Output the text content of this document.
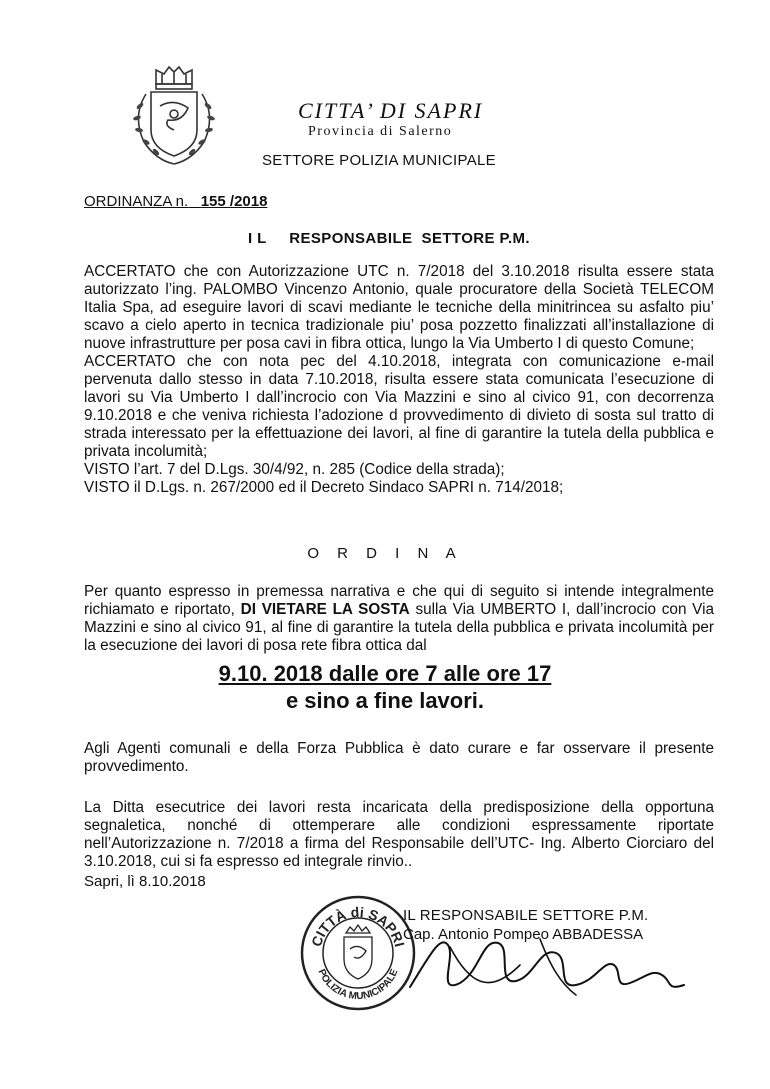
CITTA’ DI SAPRI
Provincia di Salerno
SETTORE POLIZIA MUNICIPALE
ORDINANZA n. 155 /2018
I L     RESPONSABILE  SETTORE P.M.

ACCERTATO che con Autorizzazione UTC n. 7/2018 del 3.10.2018 risulta essere stata autorizzato l’ing. PALOMBO Vincenzo Antonio, quale procuratore della Società TELECOM Italia Spa, ad eseguire lavori di scavi mediante le tecniche della minitrincea su asfalto piu’ scavo a cielo aperto in tecnica tradizionale piu’ posa pozzetto finalizzati all’installazione di nuove infrastrutture per posa cavi in fibra ottica, lungo la Via Umberto I di questo Comune;

ACCERTATO che con nota pec del 4.10.2018, integrata con comunicazione e-mail pervenuta dallo stesso in data 7.10.2018, risulta essere stata comunicata l’esecuzione di lavori su Via Umberto I dall’incrocio con Via Mazzini e sino al civico 91, con decorrenza 9.10.2018 e che veniva richiesta l’adozione d provvedimento di divieto di sosta sul tratto di strada interessato per la effettuazione dei lavori, al fine di garantire la tutela della pubblica e privata incolumità;

VISTO l’art. 7 del D.Lgs. 30/4/92, n. 285 (Codice della strada);

VISTO il D.Lgs. n. 267/2000 ed il Decreto Sindaco SAPRI n. 714/2018;

O R D I N A

Per quanto espresso in premessa narrativa e che qui di seguito si intende integralmente richiamato e riportato, DI VIETARE LA SOSTA sulla Via UMBERTO I, dall’incrocio con Via Mazzini e sino al civico 91, al fine di garantire la tutela della pubblica e privata incolumità per la esecuzione dei lavori di posa rete fibra ottica dal

9.10. 2018 dalle ore 7 alle ore 17
e sino a fine lavori.
Agli Agenti comunali e della Forza Pubblica è dato curare e far osservare il presente provvedimento.
La Ditta esecutrice dei lavori resta incaricata della predisposizione della opportuna segnaletica, nonché di ottemperare alle condizioni espressamente riportate nell’Autorizzazione n. 7/2018 a firma del Responsabile dell’UTC- Ing. Alberto Ciorciaro del 3.10.2018, cui si fa espresso ed integrale rinvio..
Sapri, lì 8.10.2018
CITTÀ di SAPRI
POLIZIA MUNICIPALE
IL RESPONSABILE SETTORE P.M.
Cap. Antonio Pompeo ABBADESSA
